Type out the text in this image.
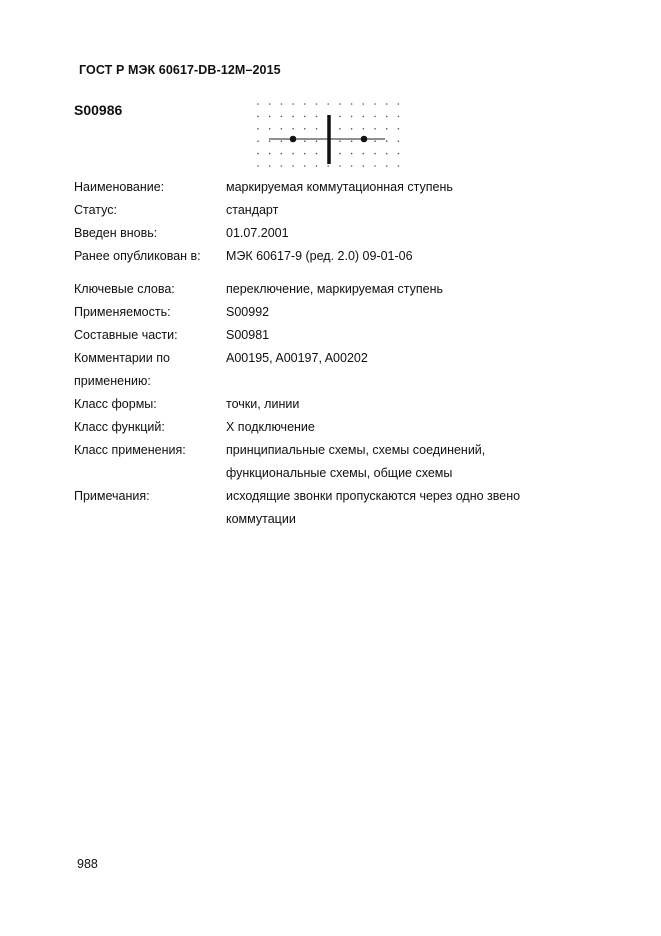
ГОСТ Р МЭК 60617-DB-12M–2015
S00986
Наименование:	маркируемая коммутационная ступень
Статус:	стандарт
Введен вновь:	01.07.2001
Ранее опубликован в:	МЭК 60617-9 (ред. 2.0) 09-01-06
Ключевые слова:	переключение, маркируемая ступень
Применяемость:	S00992
Составные части:	S00981
Комментарии по	A00195, A00197, A00202
применению:
Класс формы:	точки, линии
Класс функций:	X подключение
Класс применения:	принципиальные схемы, схемы соединений,
функциональные схемы, общие схемы
Примечания:	исходящие звонки пропускаются через одно звено
коммутации
988
